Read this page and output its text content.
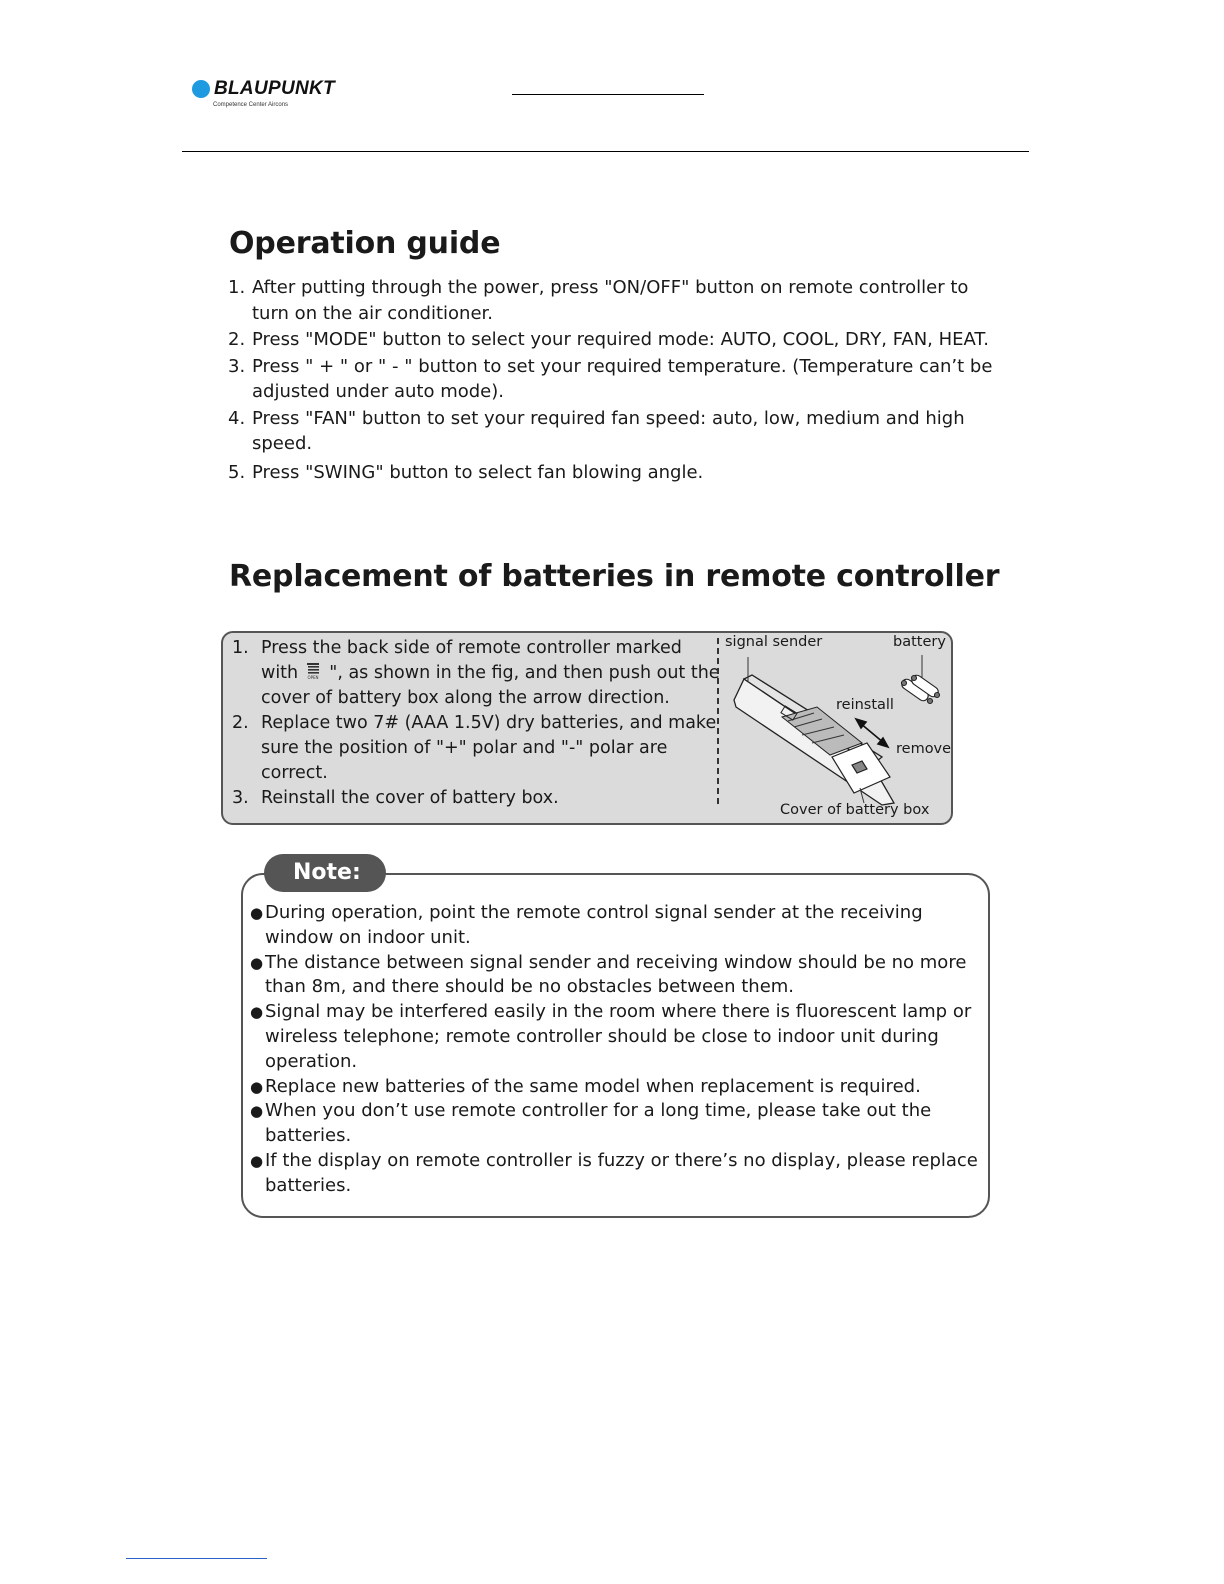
BLAUPUNKT
Competence Center Aircons
Operation guide
1. After putting through the power, press "ON/OFF" button on remote controller to turn on the air conditioner.
2. Press "MODE" button to select your required mode: AUTO, COOL, DRY, FAN, HEAT.
3. Press " + " or " - " button to set your required temperature. (Temperature can’t be adjusted under auto mode).
4. Press "FAN" button to set your required fan speed: auto, low, medium and high speed.
5. Press "SWING" button to select fan blowing angle.
Replacement of batteries in remote controller
1. Press the back side of remote controller marked with OPEN ", as shown in the fig, and then push out the cover of battery box along the arrow direction.
2. Replace two 7# (AAA 1.5V) dry batteries, and make sure the position of "+" polar and "-" polar are correct.
3. Reinstall the cover of battery box.
signal sender	battery
reinstall
remove
Cover of battery box
Note:
● During operation, point the remote control signal sender at the receiving window on indoor unit.
● The distance between signal sender and receiving window should be no more than 8m, and there should be no obstacles between them.
● Signal may be interfered easily in the room where there is fluorescent lamp or wireless telephone; remote controller should be close to indoor unit during operation.
● Replace new batteries of the same model when replacement is required.
● When you don’t use remote controller for a long time, please take out the batteries.
● If the display on remote controller is fuzzy or there’s no display, please replace batteries.
